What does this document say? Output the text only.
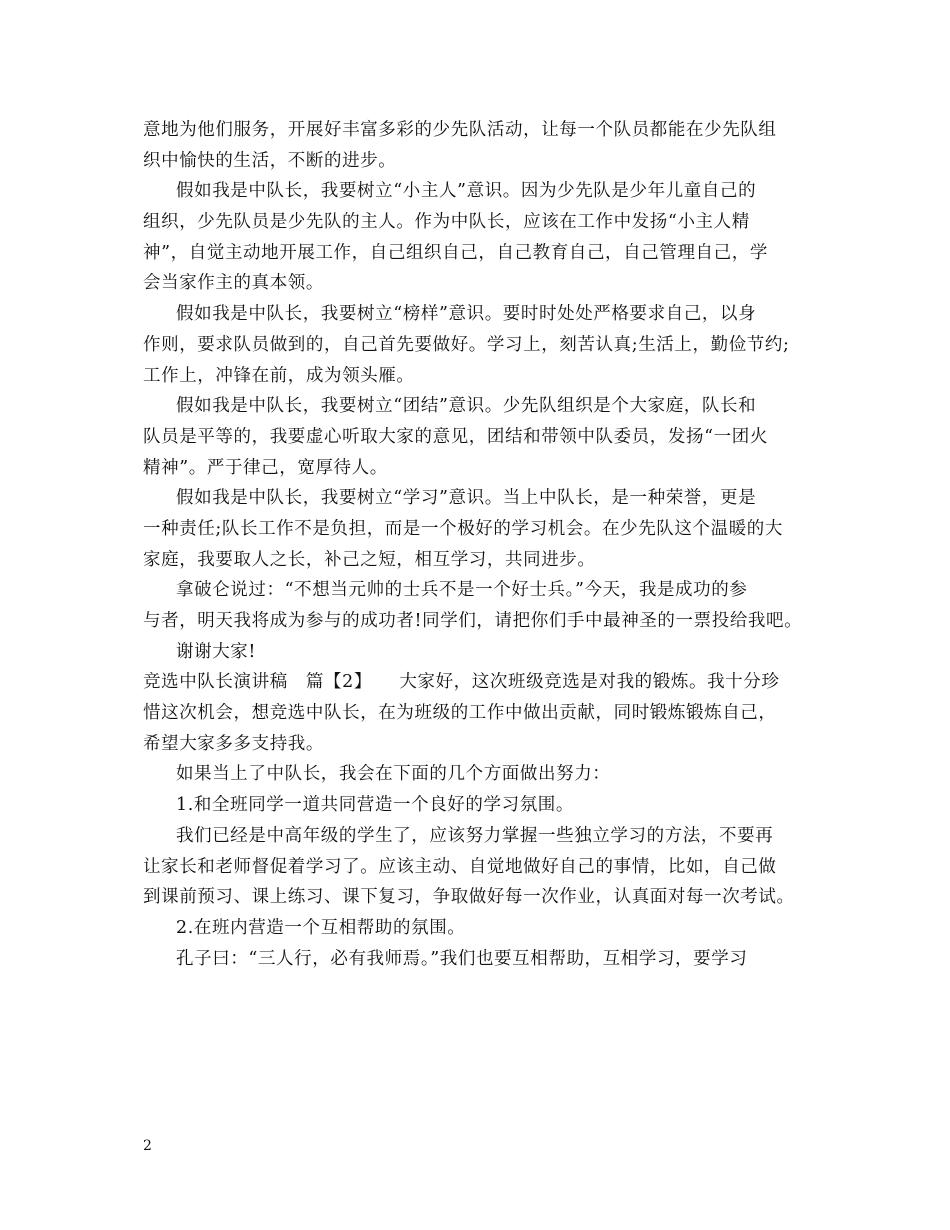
意地为他们服务，开展好丰富多彩的少先队活动，让每一个队员都能在少先队组
织中愉快的生活，不断的进步。
假如我是中队长，我要树立“小主人”意识。因为少先队是少年儿童自己的
组织，少先队员是少先队的主人。作为中队长，应该在工作中发扬“小主人精
神”，自觉主动地开展工作，自己组织自己，自己教育自己，自己管理自己，学
会当家作主的真本领。
假如我是中队长，我要树立“榜样”意识。要时时处处严格要求自己，以身
作则，要求队员做到的，自己首先要做好。学习上，刻苦认真;生活上，勤俭节约;
工作上，冲锋在前，成为领头雁。
假如我是中队长，我要树立“团结”意识。少先队组织是个大家庭，队长和
队员是平等的，我要虚心听取大家的意见，团结和带领中队委员，发扬“一团火
精神”。严于律己，宽厚待人。
假如我是中队长，我要树立“学习”意识。当上中队长，是一种荣誉，更是
一种责任;队长工作不是负担，而是一个极好的学习机会。在少先队这个温暖的大
家庭，我要取人之长，补己之短，相互学习，共同进步。
拿破仑说过：“不想当元帅的士兵不是一个好士兵。”今天，我是成功的参
与者，明天我将成为参与的成功者!同学们，请把你们手中最神圣的一票投给我吧。
谢谢大家!
竞选中队长演讲稿　篇【2】　　大家好，这次班级竞选是对我的锻炼。我十分珍
惜这次机会，想竞选中队长，在为班级的工作中做出贡献，同时锻炼锻炼自己，
希望大家多多支持我。
如果当上了中队长，我会在下面的几个方面做出努力：
1.和全班同学一道共同营造一个良好的学习氛围。
我们已经是中高年级的学生了，应该努力掌握一些独立学习的方法，不要再
让家长和老师督促着学习了。应该主动、自觉地做好自己的事情，比如，自己做
到课前预习、课上练习、课下复习，争取做好每一次作业，认真面对每一次考试。
2.在班内营造一个互相帮助的氛围。
孔子曰：“三人行，必有我师焉。”我们也要互相帮助，互相学习，要学习
2
